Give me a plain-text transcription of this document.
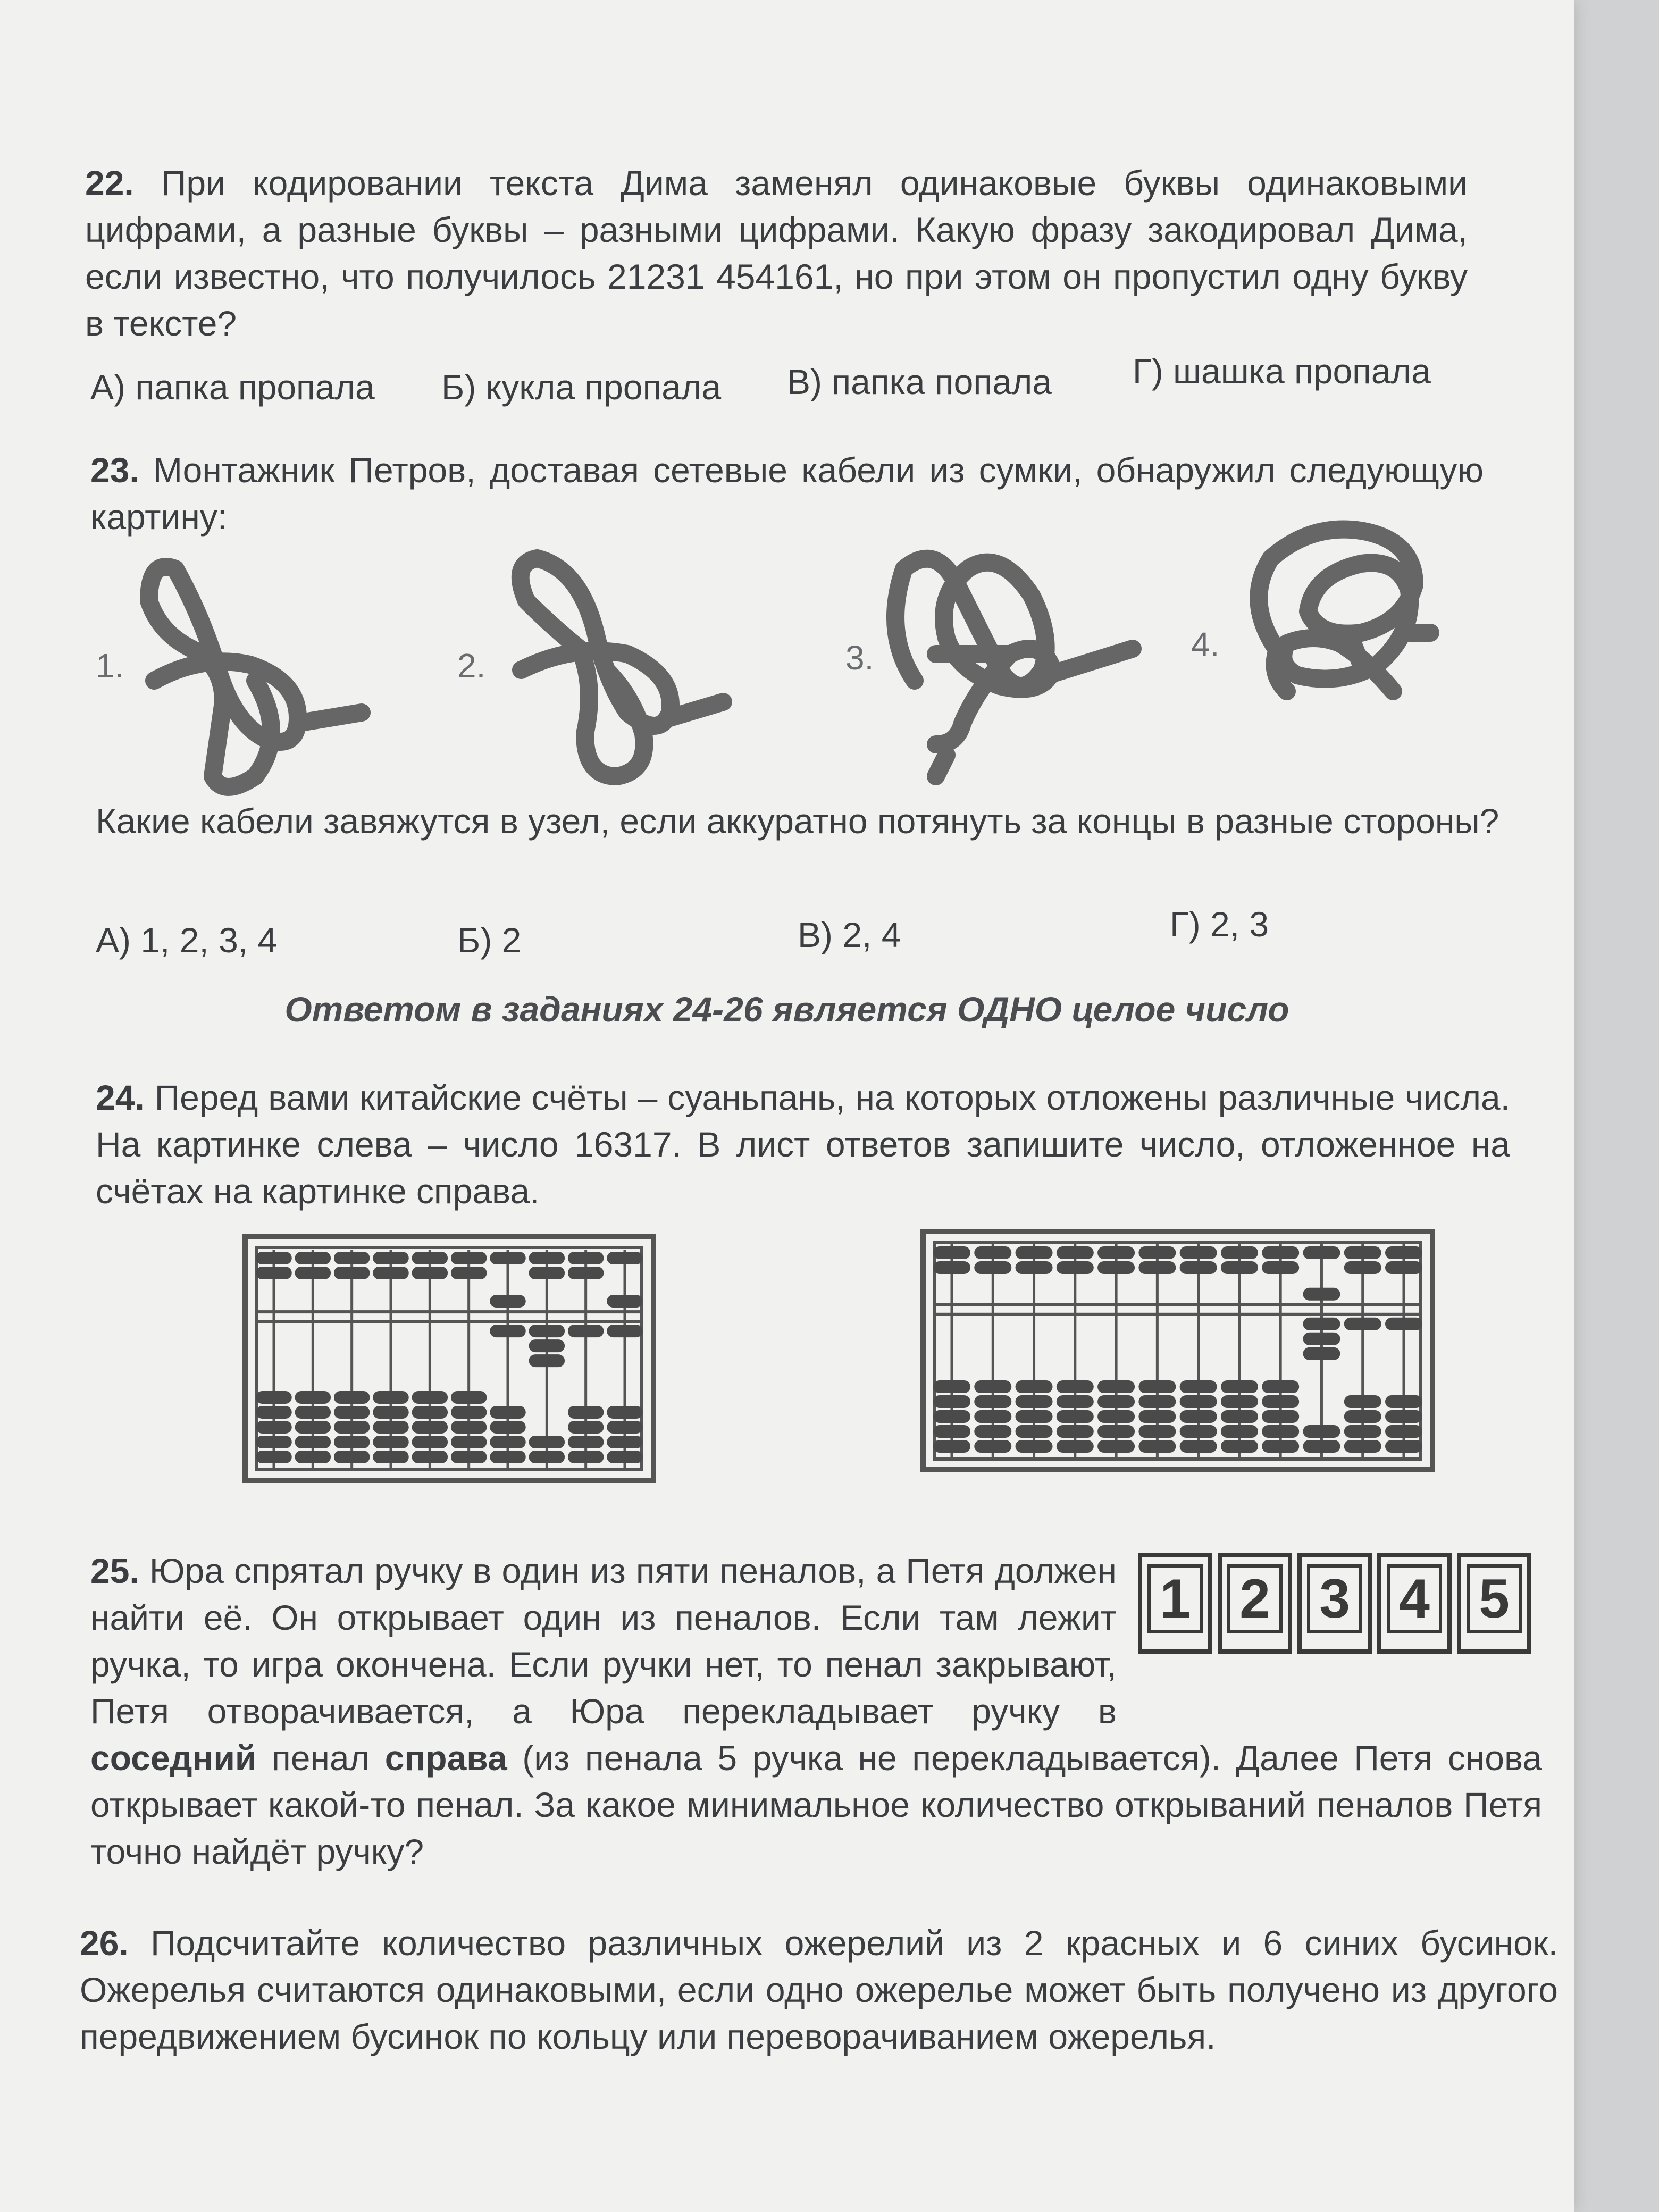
22. При кодировании текста Дима заменял одинаковые буквы одинаковыми цифрами, а разные буквы – разными цифрами. Какую фразу закодировал Дима, если известно, что получилось 21231 454161, но при этом он пропустил одну букву в тексте?
А) папка пропала Б) кукла пропала В) папка попала Г) шашка пропала
23. Монтажник Петров, доставая сетевые кабели из сумки, обнаружил следующую картину:
1.	2.	3.	4.
Какие кабели завяжутся в узел, если аккуратно потянуть за концы в разные стороны?
А) 1, 2, 3, 4	Б) 2	В) 2, 4	Г) 2, 3
Ответом в заданиях 24-26 является ОДНО целое число
24. Перед вами китайские счёты – суаньпань, на которых отложены различные числа. На картинке слева – число 16317. В лист ответов запишите число, отложенное на счётах на картинке справа.
1 2 3 4 5
25. Юра спрятал ручку в один из пяти пеналов, а Петя должен найти её. Он открывает один из пеналов. Если там лежит ручка, то игра окончена. Если ручки нет, то пенал закрывают, Петя отворачивается, а Юра перекладывает ручку в соседний пенал справа (из пенала 5 ручка не перекладывается). Далее Петя снова открывает какой-то пенал. За какое минимальное количество открываний пеналов Петя точно найдёт ручку?
26. Подсчитайте количество различных ожерелий из 2 красных и 6 синих бусинок. Ожерелья считаются одинаковыми, если одно ожерелье может быть получено из другого передвижением бусинок по кольцу или переворачиванием ожерелья.
